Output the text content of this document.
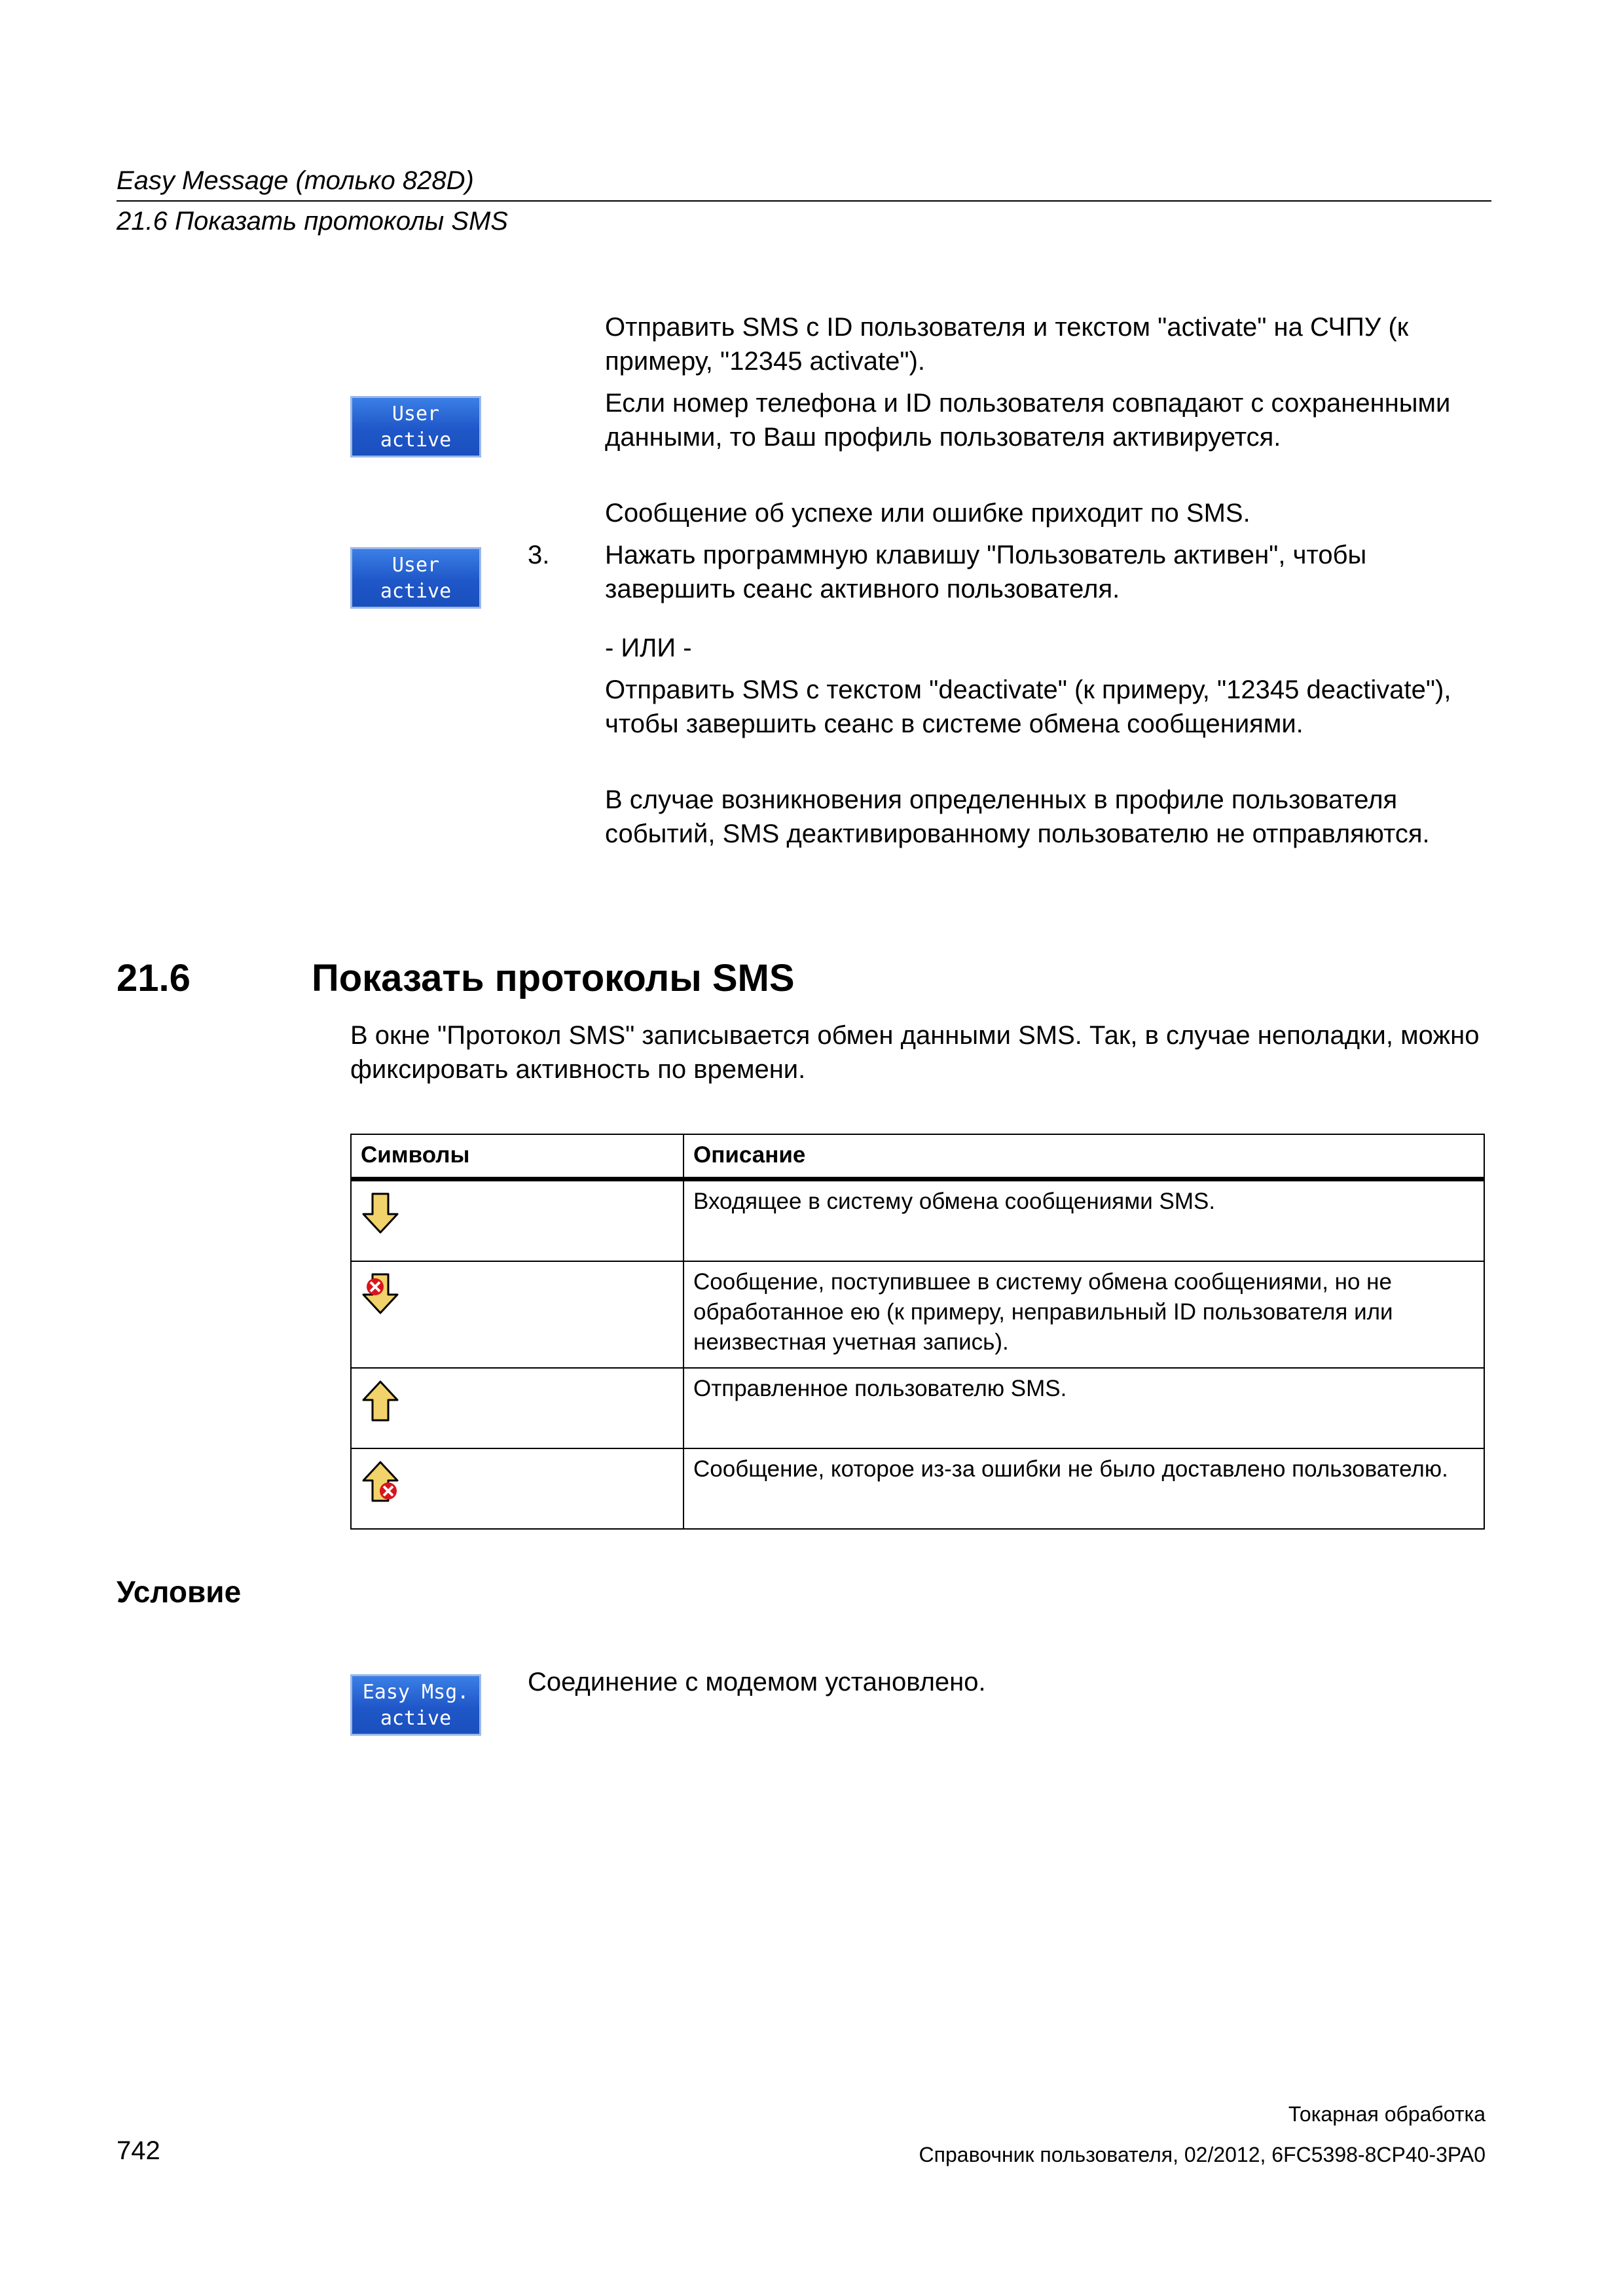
Easy Message (только 828D)
21.6 Показать протоколы SMS
User
active
User
active

Отправить SMS с ID пользователя и текстом "activate" на СЧПУ (к примеру, "12345 activate").

Если номер телефона и ID пользователя совпадают с сохраненными данными, то Ваш профиль пользователя активируется.

Сообщение об успехе или ошибке приходит по SMS.

3. Нажать программную клавишу "Пользователь активен", чтобы завершить сеанс активного пользователя.

- ИЛИ -

Отправить SMS с текстом "deactivate" (к примеру, "12345 deactivate"), чтобы завершить сеанс в системе обмена сообщениями.

В случае возникновения определенных в профиле пользователя событий, SMS деактивированному пользователю не отправляются.

21.6	Показать протоколы SMS

В окне "Протокол SMS" записывается обмен данными SMS. Так, в случае неполадки, можно фиксировать активность по времени.

Символы	Описание
	Входящее в систему обмена сообщениями SMS.
	Сообщение, поступившее в систему обмена сообщениями, но не обработанное ею (к примеру, неправильный ID пользователя или неизвестная учетная запись).
	Отправленное пользователю SMS.
	Сообщение, которое из-за ошибки не было доставлено пользователю.
Условие
Easy Msg.
active
Соединение с модемом установлено.
Токарная обработка
Справочник пользователя, 02/2012, 6FC5398-8CP40-3PA0
742
